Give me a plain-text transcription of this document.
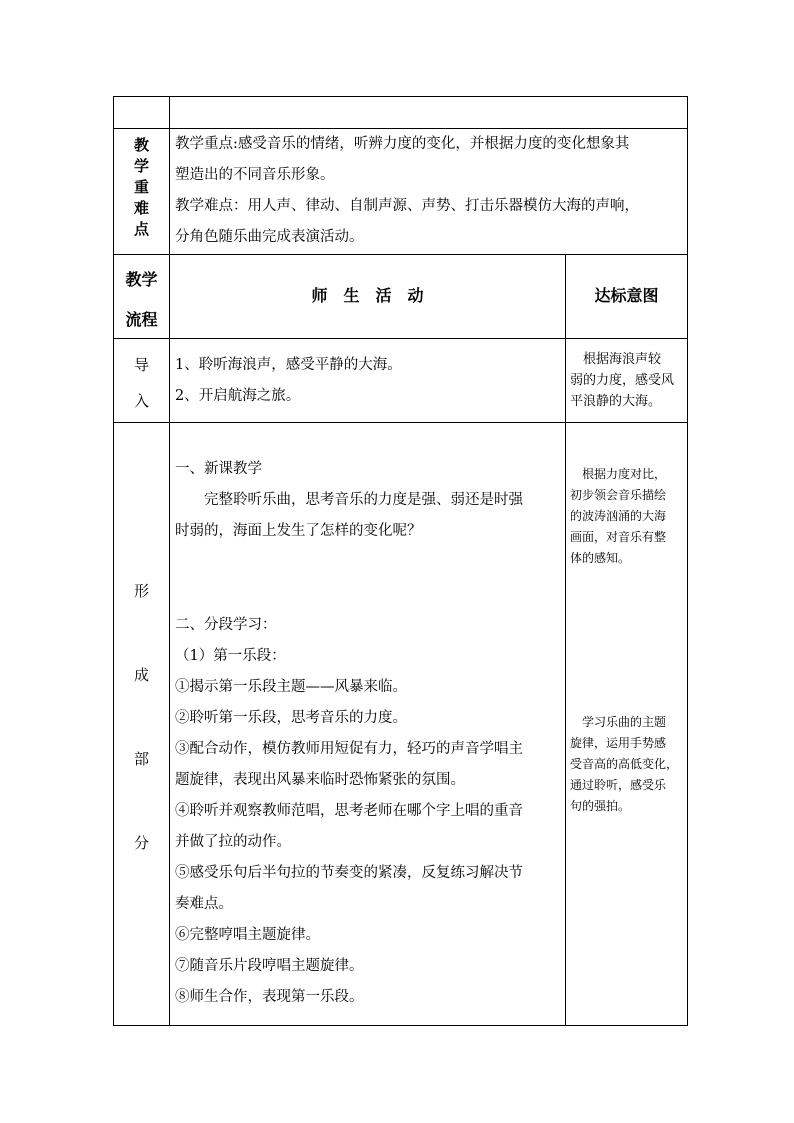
教
学
重
难
点

教学重点:感受音乐的情绪，听辨力度的变化，并根据力度的变化想象其

塑造出的不同音乐形象。

教学难点：用人声、律动、自制声源、声势、打击乐器模仿大海的声响，

分角色随乐曲完成表演活动。

教学

流程

师　生　活　动	达标意图

导

入

1、聆听海浪声，感受平静的大海。

2、开启航海之旅。

　根据海浪声较

弱的力度，感受风

平浪静的大海。

形

成

部

分

一、新课教学

　　完整聆听乐曲，思考音乐的力度是强、弱还是时强

时弱的，海面上发生了怎样的变化呢？

二、分段学习：

（1）第一乐段：

①揭示第一乐段主题——风暴来临。

②聆听第一乐段，思考音乐的力度。

③配合动作，模仿教师用短促有力，轻巧的声音学唱主

题旋律，表现出风暴来临时恐怖紧张的氛围。

④聆听并观察教师范唱，思考老师在哪个字上唱的重音

并做了拉的动作。

⑤感受乐句后半句拉的节奏变的紧凑，反复练习解决节

奏难点。

⑥完整哼唱主题旋律。

⑦随音乐片段哼唱主题旋律。

⑧师生合作，表现第一乐段。

　根据力度对比，

初步领会音乐描绘

的波涛汹涌的大海

画面，对音乐有整

体的感知。

　学习乐曲的主题

旋律，运用手势感

受音高的高低变化，

通过聆听，感受乐

句的强拍。
